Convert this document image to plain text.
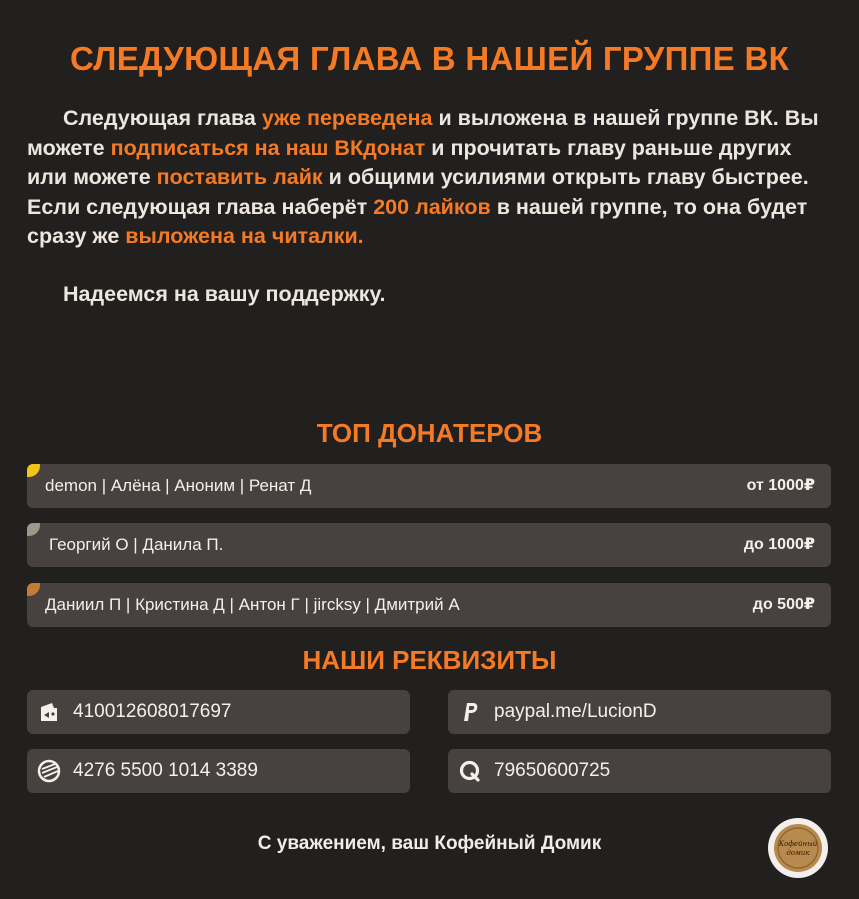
СЛЕДУЮЩАЯ ГЛАВА В НАШЕЙ ГРУППЕ ВК
Следующая глава уже переведена и выложена в нашей группе ВК. Вы можете подписаться на наш ВКдонат и прочитать главу раньше других или можете поставить лайк и общими усилиями открыть главу быстрее. Если следующая глава наберёт 200 лайков в нашей группе, то она будет сразу же выложена на читалки.
Надеемся на вашу поддержку.
ТОП ДОНАТЕРОВ
demon | Алёна | Аноним | Ренат Д	от 1000₽
Георгий О | Данила П.	до 1000₽
Даниил П | Кристина Д | Антон Г | jircksy | Дмитрий А	до 500₽
НАШИ РЕКВИЗИТЫ
410012608017697	paypal.me/LucionD
4276 5500 1014 3389	79650600725
С уважением, ваш Кофейный Домик	Кофейный
домик
